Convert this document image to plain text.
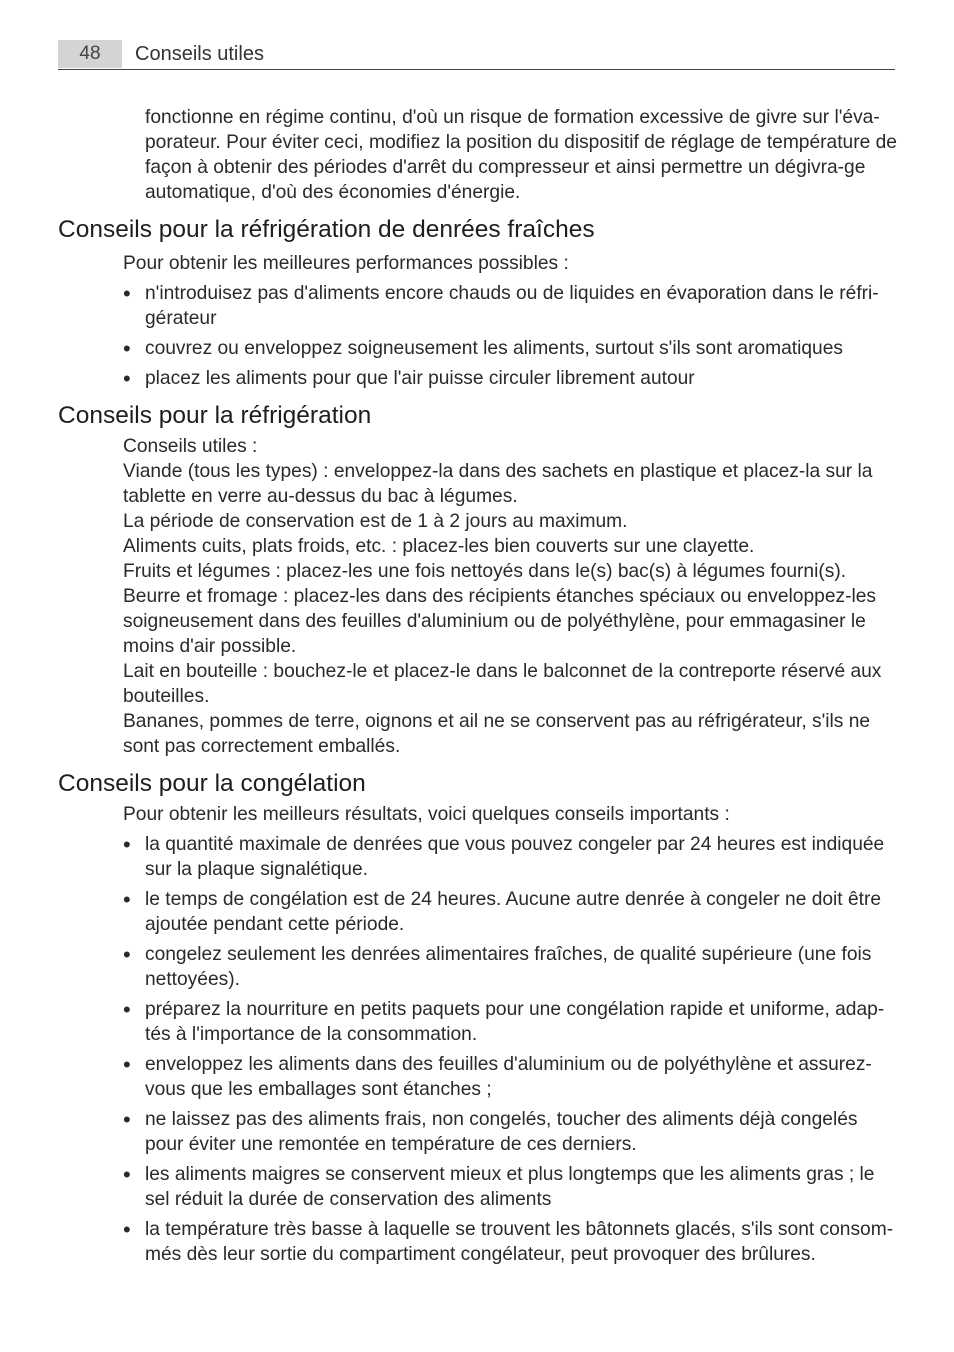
48	Conseils utiles

fonctionne en régime continu, d'où un risque de formation excessive de givre sur l'éva-porateur. Pour éviter ceci, modifiez la position du dispositif de réglage de température de façon à obtenir des périodes d'arrêt du compresseur et ainsi permettre un dégivra-ge automatique, d'où des économies d'énergie.

Conseils pour la réfrigération de denrées fraîches

Pour obtenir les meilleures performances possibles :

• n'introduisez pas d'aliments encore chauds ou de liquides en évaporation dans le réfri-gérateur
• couvrez ou enveloppez soigneusement les aliments, surtout s'ils sont aromatiques
• placez les aliments pour que l'air puisse circuler librement autour
Conseils pour la réfrigération
Conseils utiles :
Viande (tous les types) : enveloppez-la dans des sachets en plastique et placez-la sur la tablette en verre au-dessus du bac à légumes.
La période de conservation est de 1 à 2 jours au maximum.
Aliments cuits, plats froids, etc. : placez-les bien couverts sur une clayette.
Fruits et légumes : placez-les une fois nettoyés dans le(s) bac(s) à légumes fourni(s).
Beurre et fromage : placez-les dans des récipients étanches spéciaux ou enveloppez-les soigneusement dans des feuilles d'aluminium ou de polyéthylène, pour emmagasiner le moins d'air possible.
Lait en bouteille : bouchez-le et placez-le dans le balconnet de la contreporte réservé aux bouteilles.
Bananes, pommes de terre, oignons et ail ne se conservent pas au réfrigérateur, s'ils ne sont pas correctement emballés.
Conseils pour la congélation

Pour obtenir les meilleurs résultats, voici quelques conseils importants :

• la quantité maximale de denrées que vous pouvez congeler par 24 heures est indiquée sur la plaque signalétique.
• le temps de congélation est de 24 heures. Aucune autre denrée à congeler ne doit être ajoutée pendant cette période.
• congelez seulement les denrées alimentaires fraîches, de qualité supérieure (une fois nettoyées).
• préparez la nourriture en petits paquets pour une congélation rapide et uniforme, adap-tés à l'importance de la consommation.
• enveloppez les aliments dans des feuilles d'aluminium ou de polyéthylène et assurez-vous que les emballages sont étanches ;
• ne laissez pas des aliments frais, non congelés, toucher des aliments déjà congelés pour éviter une remontée en température de ces derniers.
• les aliments maigres se conservent mieux et plus longtemps que les aliments gras ; le sel réduit la durée de conservation des aliments
• la température très basse à laquelle se trouvent les bâtonnets glacés, s'ils sont consom-més dès leur sortie du compartiment congélateur, peut provoquer des brûlures.
